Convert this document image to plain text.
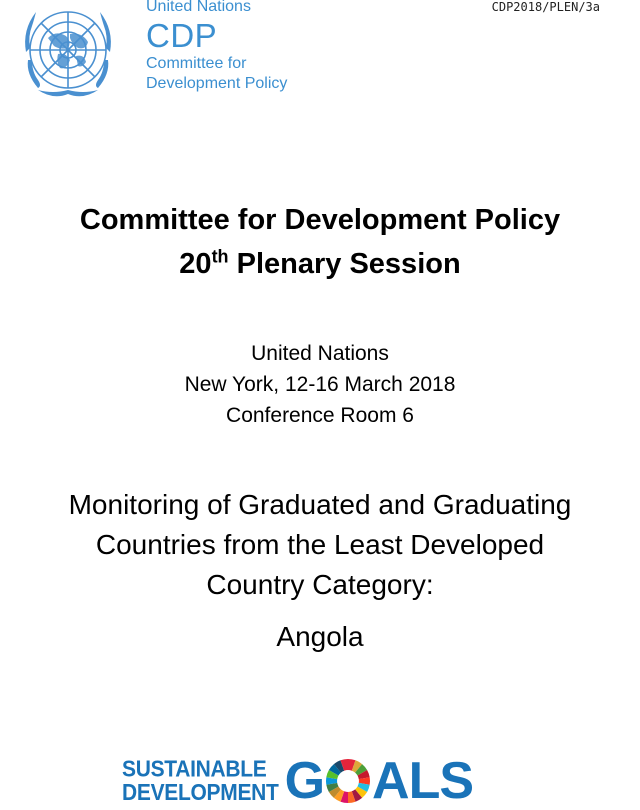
United Nations

CDP

Committee for

Development Policy

CDP2018/PLEN/3a
Committee for Development Policy
20th Plenary Session
United Nations
New York, 12-16 March 2018
Conference Room 6
Monitoring of Graduated and Graduating
Countries from the Least Developed
Country Category:
Angola
SUSTAINABLE
DEVELOPMENT G ALS
